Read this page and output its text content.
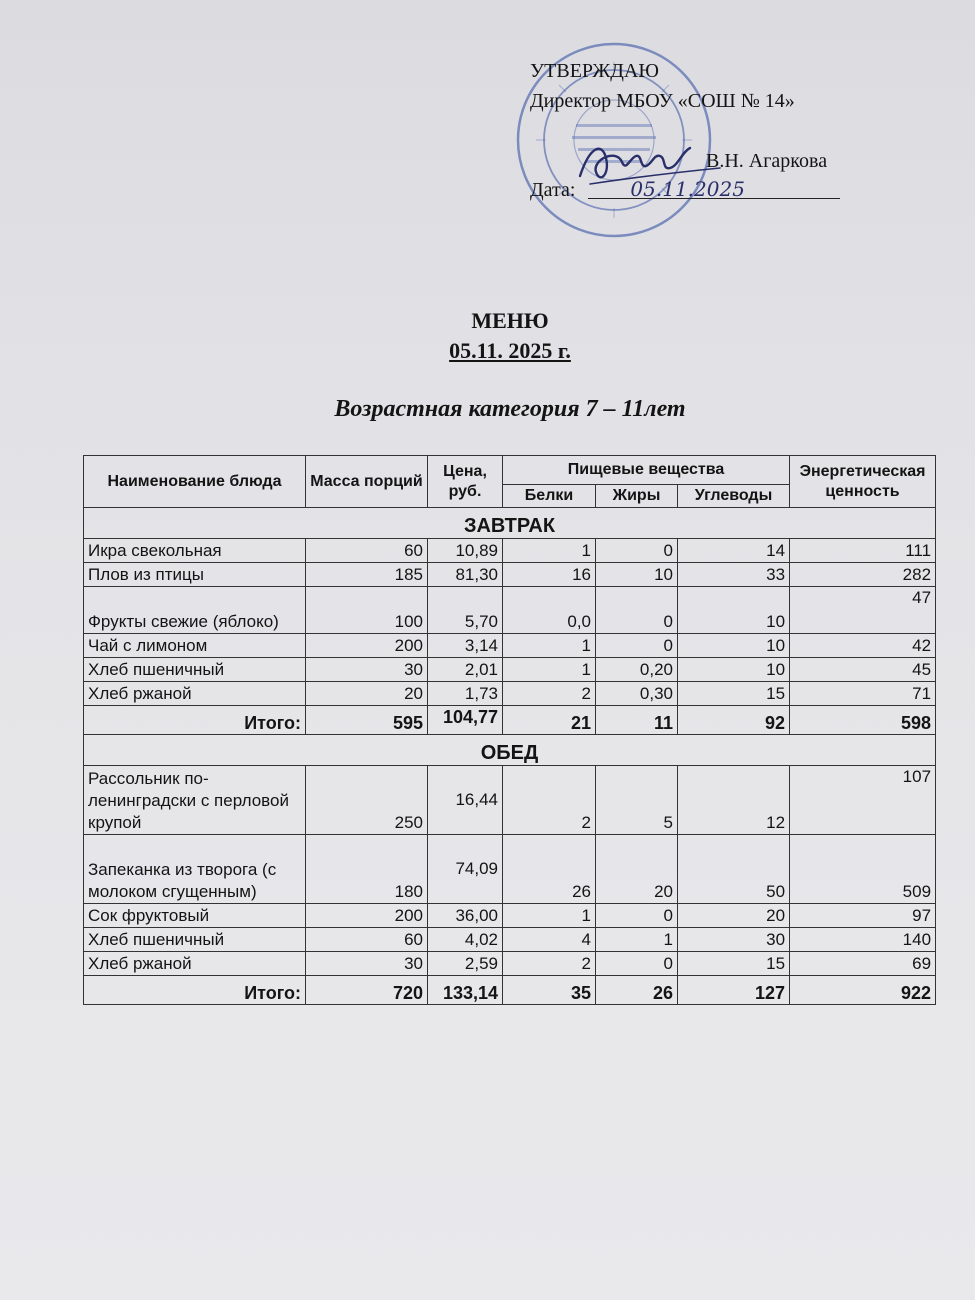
УТВЕРЖДАЮ
Директор МБОУ «СОШ № 14»
В.Н. Агаркова
Дата:	05.11.2025
МЕНЮ
05.11. 2025 г.
Возрастная категория 7 – 11лет
Наименование блюда	Масса порций	Цена, руб.	Пищевые вещества			Энергетическая ценность
			Белки	Жиры	Углеводы	
ЗАВТРАК						
Икра свекольная	60	10,89	1	0	14	111
Плов из птицы	185	81,30	16	10	33	282
Фрукты свежие (яблоко)	100	5,70	0,0	0	10	47
Чай с лимоном	200	3,14	1	0	10	42
Хлеб пшеничный	30	2,01	1	0,20	10	45
Хлеб ржаной	20	1,73	2	0,30	15	71
Итого:	595	104,77	21	11	92	598
ОБЕД						
Рассольник по-ленинградски с перловой крупой	250	16,44	2	5	12	107
Запеканка из творога (с молоком сгущенным)	180	74,09	26	20	50	509
Сок фруктовый	200	36,00	1	0	20	97
Хлеб пшеничный	60	4,02	4	1	30	140
Хлеб ржаной	30	2,59	2	0	15	69
Итого:	720	133,14	35	26	127	922
